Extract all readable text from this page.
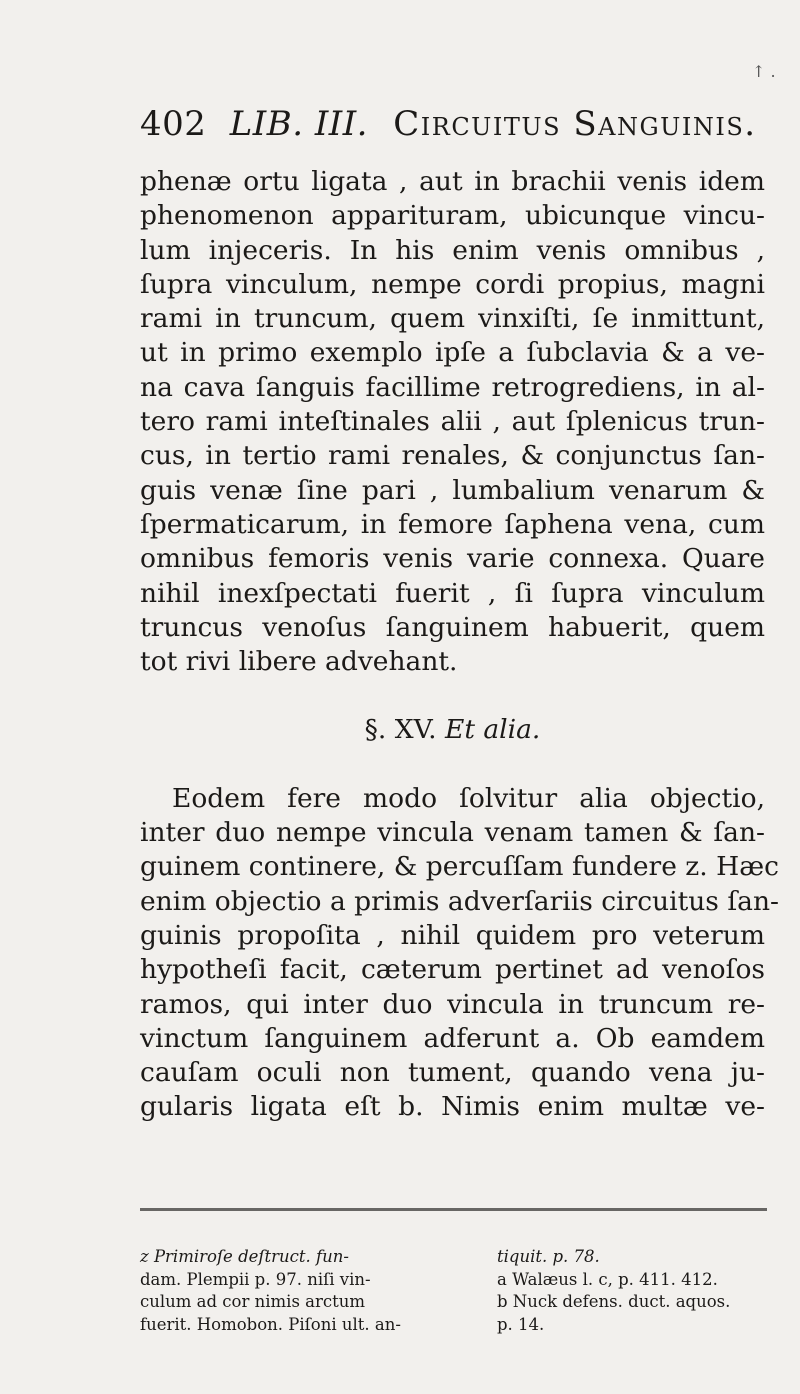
↑ .
402 LIB. III. Circuitus Sanguinis.
phenæ ortu ligata , aut in brachii venis idem
phenomenon apparituram, ubicunque vincu-
lum injeceris. In his enim venis omnibus ,
ſupra vinculum, nempe cordi propius, magni
rami in truncum, quem vinxiſti, ſe inmittunt,
ut in primo exemplo ipſe a ſubclavia & a ve-
na cava ſanguis facillime retrogrediens, in al-
tero rami inteſtinales alii , aut ſplenicus trun-
cus, in tertio rami renales, & conjunctus ſan-
guis venæ ſine pari , lumbalium venarum &
ſpermaticarum, in femore ſaphena vena, cum
omnibus femoris venis varie connexa. Quare
nihil inexſpectati fuerit , ſi ſupra vinculum
truncus venoſus ſanguinem habuerit, quem
tot rivi libere advehant.
§. XV. Et alia.
Eodem fere modo ſolvitur alia objectio,
inter duo nempe vincula venam tamen & ſan-
guinem continere, & percuſſam fundere z. Hæc
enim objectio a primis adverſariis circuitus ſan-
guinis propoſita , nihil quidem pro veterum
hypotheſi facit, cæterum pertinet ad venoſos
ramos, qui inter duo vincula in truncum re-
vinctum ſanguinem adferunt a. Ob eamdem
cauſam oculi non tument, quando vena ju-
gularis ligata eſt b. Nimis enim multæ ve-
z Primiroſe deſtruct. fun-
dam. Plempii p. 97. niſi vin-
culum ad cor nimis arctum
fuerit. Homobon. Piſoni ult. an-
tiquit. p. 78.
a Walæus l. c, p. 411. 412.
b Nuck defens. duct. aquos.
p. 14.
